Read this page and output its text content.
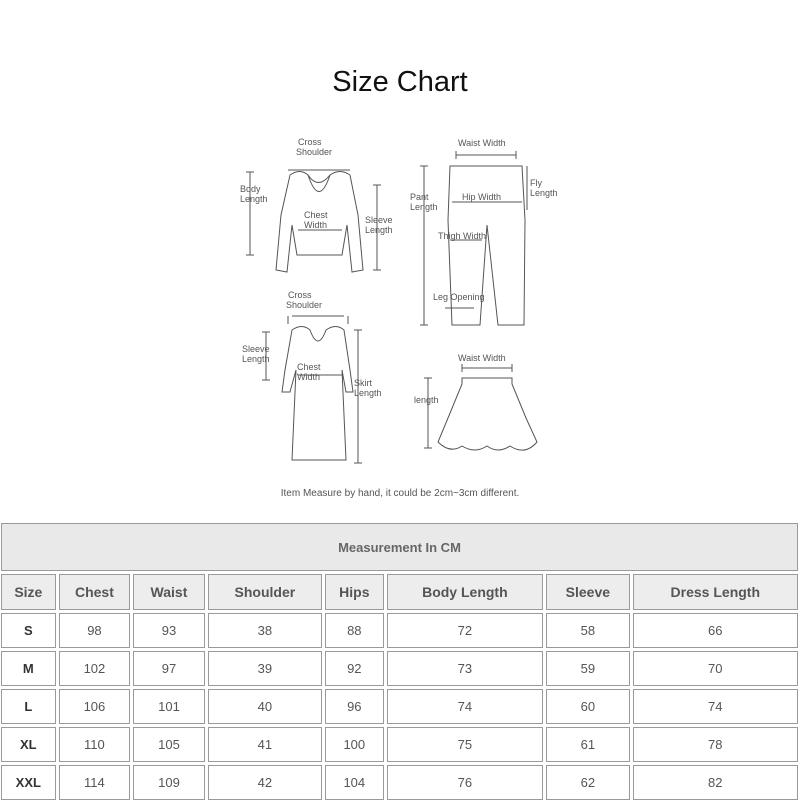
Size Chart
Cross
Shoulder
Body
Length
Chest
Width	Sleeve
Length
Waist Width
Fly
Length
Pant
Length
Hip Width
Thigh Width
Leg Opening
Cross
Shoulder
Sleeve
Length
Chest
Width
Skirt
Length
Waist Width
length
Item Measure by hand, it could be 2cm~3cm different.
Measurement In CM							
Size	Chest	Waist	Shoulder	Hips	Body Length	Sleeve	Dress Length
S	98	93	38	88	72	58	66
M	102	97	39	92	73	59	70
L	106	101	40	96	74	60	74
XL	110	105	41	100	75	61	78
XXL	114	109	42	104	76	62	82
